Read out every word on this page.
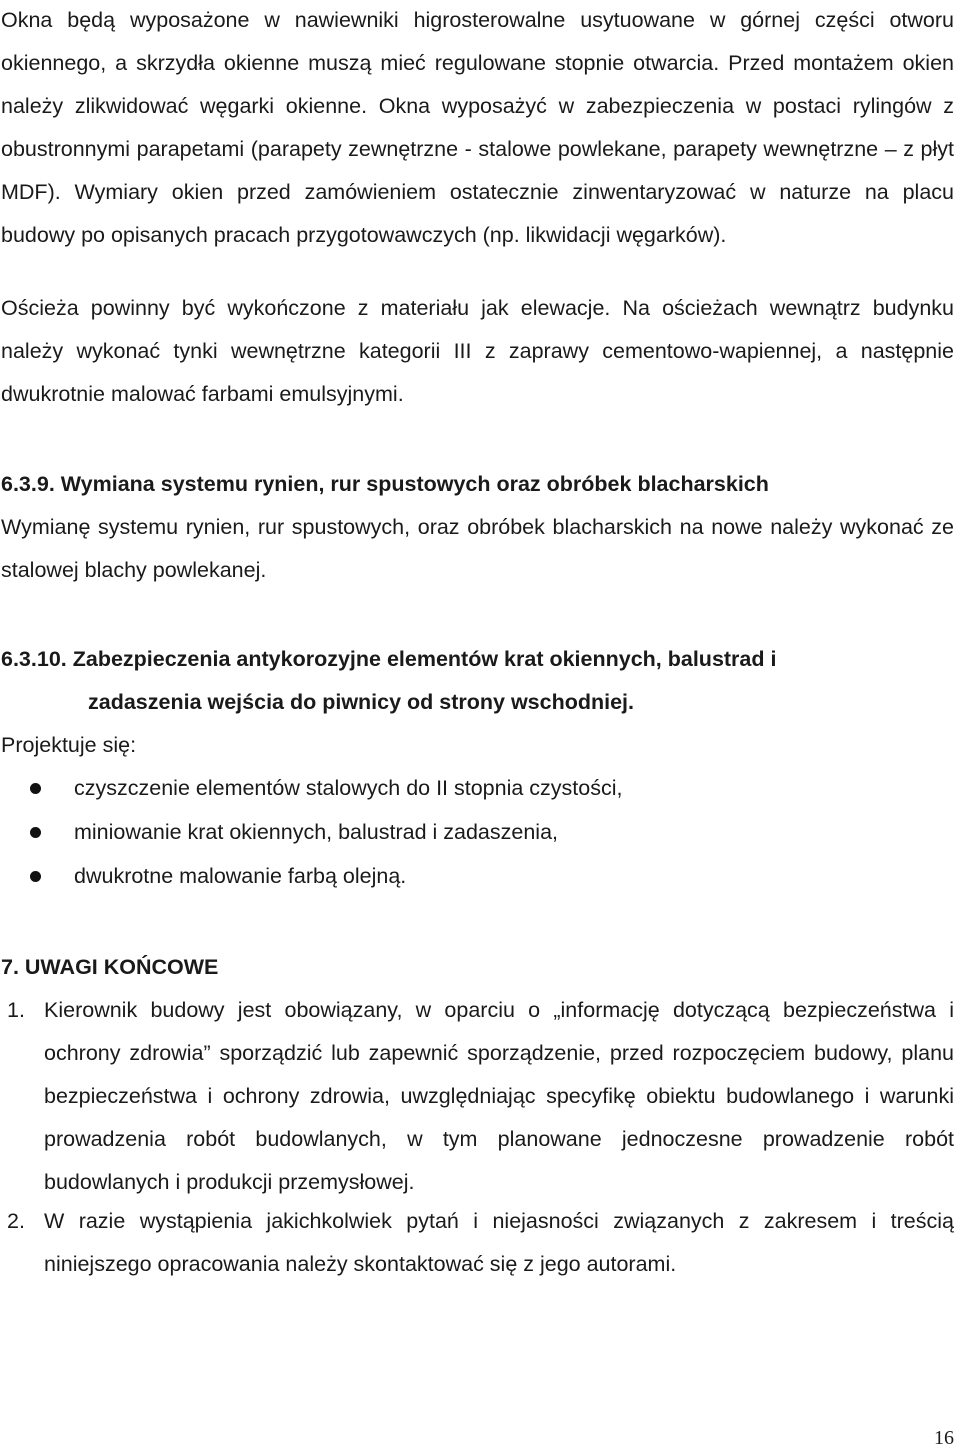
Okna będą wyposażone w nawiewniki higrosterowalne usytuowane w górnej części otworu okiennego, a skrzydła okienne muszą mieć regulowane stopnie otwarcia. Przed montażem okien należy zlikwidować węgarki okienne. Okna wyposażyć w zabezpieczenia w postaci rylingów z obustronnymi parapetami (parapety zewnętrzne - stalowe powlekane, parapety wewnętrzne – z płyt MDF). Wymiary okien przed zamówieniem ostatecznie zinwentaryzować w naturze na placu budowy po opisanych pracach przygotowawczych (np. likwidacji węgarków).

Ościeża powinny być wykończone z materiału jak elewacje. Na ościeżach wewnątrz budynku należy wykonać tynki wewnętrzne kategorii III z zaprawy cementowo-wapiennej, a następnie dwukrotnie malować farbami emulsyjnymi.

6.3.9. Wymiana systemu rynien, rur spustowych oraz obróbek blacharskich

Wymianę systemu rynien, rur spustowych, oraz obróbek blacharskich na nowe należy wykonać ze stalowej blachy powlekanej.

6.3.10. Zabezpieczenia antykorozyjne elementów krat okiennych, balustrad i

zadaszenia wejścia do piwnicy od strony wschodniej.

Projektuje się:

czyszczenie elementów stalowych do II stopnia czystości,
miniowanie krat okiennych, balustrad i zadaszenia,
dwukrotne malowanie farbą olejną.

7. UWAGI KOŃCOWE

1. Kierownik budowy jest obowiązany, w oparciu o „informację dotyczącą bezpieczeństwa i ochrony zdrowia” sporządzić lub zapewnić sporządzenie, przed rozpoczęciem budowy, planu bezpieczeństwa i ochrony zdrowia, uwzględniając specyfikę obiektu budowlanego i warunki prowadzenia robót budowlanych, w tym planowane jednoczesne prowadzenie robót budowlanych i produkcji przemysłowej.

2. W razie wystąpienia jakichkolwiek pytań i niejasności związanych z zakresem i treścią niniejszego opracowania należy skontaktować się z jego autorami.

16
